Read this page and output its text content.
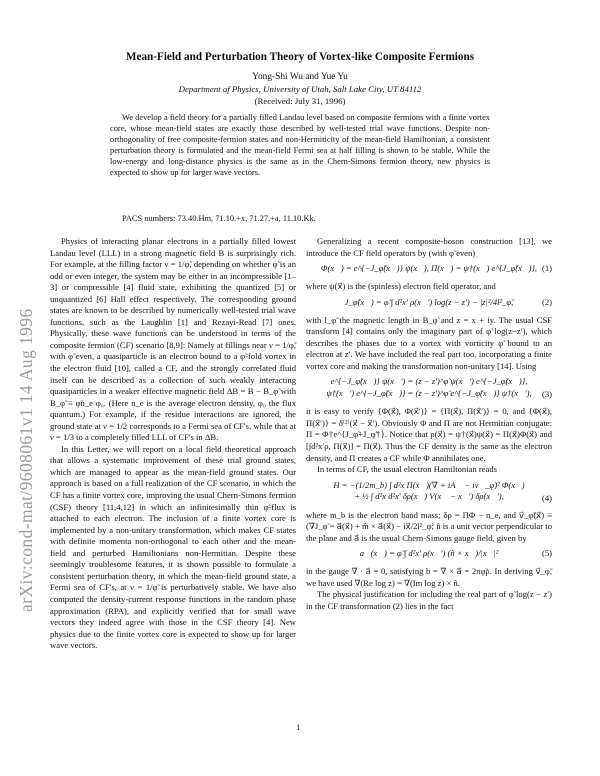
arXiv:cond-mat/9608061v1 14 Aug 1996
Mean-Field and Perturbation Theory of Vortex-like Composite Fermions
Yong-Shi Wu and Yue Yu
Department of Physics, University of Utah, Salt Lake City, UT 84112
(Received: July 31, 1996)
We develop a field theory for a partially filled Landau level based on composite fermions with a finite vortex core, whose mean-field states are exactly those described by well-tested trial wave functions. Despite non-orthogonality of free composite-fermion states and non-Hermiticity of the mean-field Hamiltonian, a consistent perturbation theory is formulated and the mean-field Fermi sea at half filling is shown to be stable. While the low-energy and long-distance physics is the same as in the Chern-Simons fermion theory, new physics is expected to show up for larger wave vectors.
PACS numbers: 73.40.Hm, 71.10.+x, 71.27.+a, 11.10.Kk.

Physics of interacting planar electrons in a partially filled lowest Landau level (LLL) in a strong magnetic field B is surprisingly rich. For example, at the filling factor ν = 1/φ̃, depending on whether φ̃ is an odd or even integer, the system may be either in an incompressible [1–3] or compressible [4] fluid state, exhibiting the quantized [5] or unquantized [6] Hall effect respectively. The corresponding ground states are known to be described by numerically well-tested trial wave functions, such as the Laughlin [1] and Rezayi-Read [7] ones. Physically, these wave functions can be understood in terms of the composite fermion (CF) scenario [8,9]: Namely at fillings near ν = 1/φ̃, with φ̃ even, a quasiparticle is an electron bound to a φ̃-fold vortex in the electron fluid [10], called a CF, and the strongly correlated fluid itself can be described as a collection of such weakly interacting quasiparticles in a weaker effective magnetic field ΔB = B − B_φ̃ with B_φ̃ ≡ φ̃n_e φ₀. (Here n_e is the average electron density, φ₀ the flux quantum.) For example, if the residue interactions are ignored, the ground state at ν = 1/2 corresponds to a Fermi sea of CF's, while that at ν = 1/3 to a completely filled LLL of CF's in ΔB.

In this Letter, we will report on a local field theoretical approach that allows a systematic improvement of these trial ground states, which are managed to appear as the mean-field ground states. Our approach is based on a full realization of the CF scenario, in which the CF has a finite vortex core, improving the usual Chern-Simons fermion (CSF) theory [11,4,12] in which an infinitesimally thin φ̃-flux is attached to each electron. The inclusion of a finite vortex core is implemented by a non-unitary transformation, which makes CF states with definite momenta non-orthogonal to each other and the mean-field and perturbed Hamiltonians non-Hermitian. Despite these seemingly troublesome features, it is shown possible to formulate a consistent perturbation theory, in which the mean-field ground state, a Fermi sea of CF's, at ν = 1/φ̃ is perturbatively stable. We have also computed the density-current response functions in the random phase approximation (RPA), and explicitly verified that for small wave vectors they indeed agree with those in the CSF theory [4]. New physics due to the finite vortex core is expected to show up for larger wave vectors.

Generalizing a recent composite-boson construction [13], we introduce the CF field operators by (with φ̃ even)

Φ(x⃗) = e^{−J_φ̃(x⃗)} ψ(x⃗), Π(x⃗) = ψ†(x⃗) e^{J_φ̃(x⃗)}, (1)

where ψ(x⃗) is the (spinless) electron field operator, and

J_φ̃(x⃗) = φ̃ ∫ d²x′ ρ(x⃗′) log(z − z′) − |z|²/4l²_φ̃,	(2)

with l_φ̃ the magnetic length in B_φ̃ and z = x + iy. The usual CSF transform [4] contains only the imaginary part of φ̃ log(z−z′), which describes the phases due to a vortex with vorticity φ̃ bound to an electron at z′. We have included the real part too, incorporating a finite vortex core and making the transformation non-unitary [14]. Using

e^{−J_φ̃(x⃗)} ψ(x⃗′) = (z − z′)^φ̃ ψ(x⃗′) e^{−J_φ̃(x⃗)},
ψ†(x⃗′) e^{−J_φ̃(x⃗)} = (z − z′)^φ̃ e^{−J_φ̃(x⃗)} ψ†(x⃗′),	(3)

it is easy to verify {Φ(x⃗), Φ(x⃗′)} = {Π(x⃗), Π(x⃗′)} = 0, and {Φ(x⃗), Π(x⃗′)} = δ⁽²⁾(x⃗ − x⃗′). Obviously Φ and Π are not Hermitian conjugate: Π = Φ†e^{J_φ̃+J_φ̃†}. Notice that ρ(x⃗) = ψ†(x⃗)ψ(x⃗) = Π(x⃗)Φ(x⃗) and [∫d²x′ρ, Π(x⃗)] = Π(x⃗). Thus the CF density is the same as the electron density, and Π creates a CF while Φ annihilates one.

In terms of CF, the usual electron Hamiltonian reads

H = −(1/2m_b) ∫ d²x Π(x⃗)(∇ + iA⃗ − iv⃗_φ̃)² Φ(x⃗)
+ ½ ∫ d²x d²x′ δρ(x⃗) V(x⃗ − x⃗′) δρ(x⃗′),	(4)

where m_b is the electron band mass; δρ = ΠΦ − n_e, and v⃗_φ̃(x⃗) ≡ (∇J_φ̃ = a⃗(x⃗) + m̂ × a⃗(x⃗) − ix⃗/2l²_φ̃; n̂ is a unit vector perpendicular to the plane and a⃗ is the usual Chern-Simons gauge field, given by

a⃗(x⃗) = φ̃ ∫ d²x′ ρ(x⃗′) (n̂ × x⃗)/|x⃗|²	(5)

in the gauge ∇ · a⃗ = 0, satisfying b = ∇ × a⃗ = 2πφ̃ρ. In deriving v⃗_φ̃, we have used ∇(Re log z) = ∇(Im log z) × n̂.

The physical justification for including the real part of φ̃ log(z − z′) in the CF transformation (2) lies in the fact

1
